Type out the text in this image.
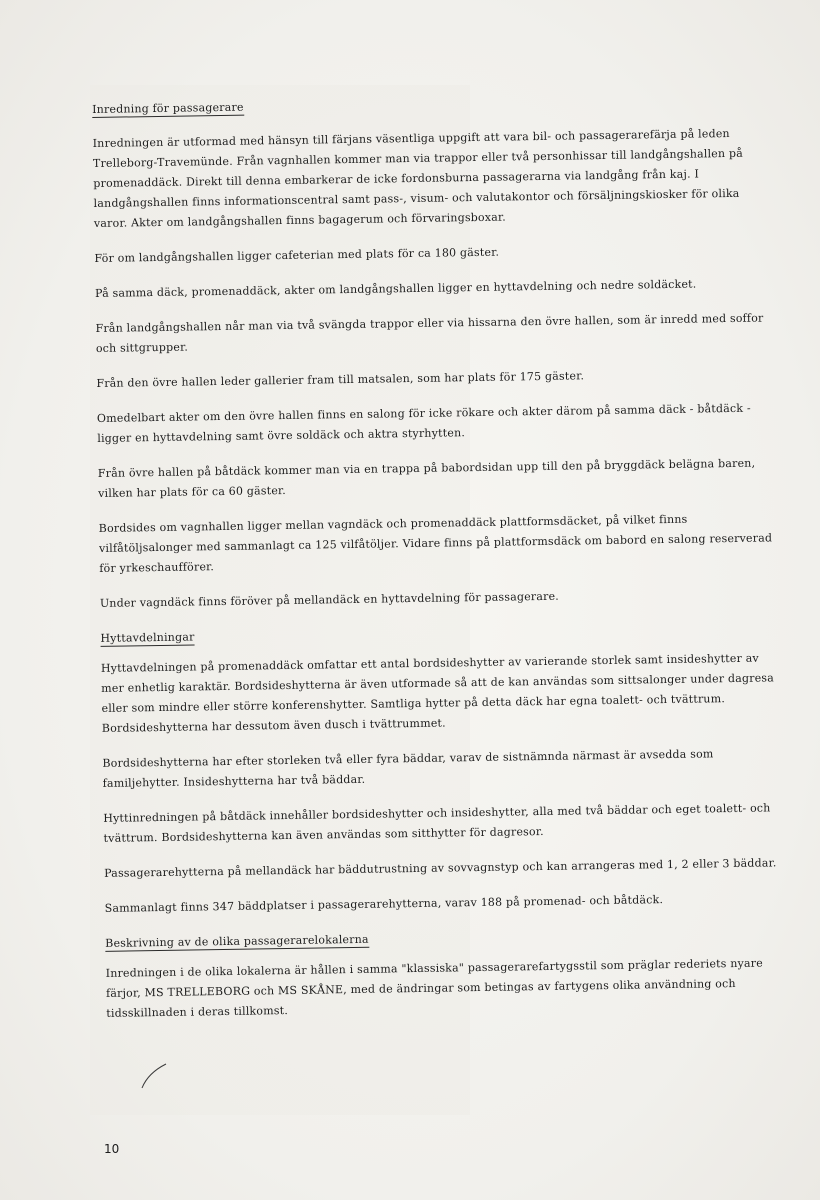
Inredning för passagerare

Inredningen är utformad med hänsyn till färjans väsentliga uppgift att vara bil- och passagerarefärja på leden Trelleborg-Travemünde. Från vagnhallen kommer man via trappor eller två personhissar till landgångshallen på promenaddäck. Direkt till denna embarkerar de icke fordonsburna passagerarna via landgång från kaj. I landgångshallen finns informationscentral samt pass-, visum- och valutakontor och försäljningskiosker för olika varor. Akter om landgångshallen finns bagagerum och förvaringsboxar.

För om landgångshallen ligger cafeterian med plats för ca 180 gäster.

På samma däck, promenaddäck, akter om landgångshallen ligger en hyttavdelning och nedre soldäcket.

Från landgångshallen når man via två svängda trappor eller via hissarna den övre hallen, som är inredd med soffor och sittgrupper.

Från den övre hallen leder gallerier fram till matsalen, som har plats för 175 gäster.

Omedelbart akter om den övre hallen finns en salong för icke rökare och akter därom på samma däck - båtdäck - ligger en hyttavdelning samt övre soldäck och aktra styrhytten.

Från övre hallen på båtdäck kommer man via en trappa på babordsidan upp till den på bryggdäck belägna baren, vilken har plats för ca 60 gäster.

Bordsides om vagnhallen ligger mellan vagndäck och promenaddäck plattformsdäcket, på vilket finns vilfåtöljsalonger med sammanlagt ca 125 vilfåtöljer. Vidare finns på plattformsdäck om babord en salong reserverad för yrkeschaufförer.

Under vagndäck finns föröver på mellandäck en hyttavdelning för passagerare.

Hyttavdelningar

Hyttavdelningen på promenaddäck omfattar ett antal bordsideshytter av varierande storlek samt insideshytter av mer enhetlig karaktär. Bordsideshytterna är även utformade så att de kan användas som sittsalonger under dagresa eller som mindre eller större konferenshytter. Samtliga hytter på detta däck har egna toalett- och tvättrum. Bordsideshytterna har dessutom även dusch i tvättrummet.

Bordsideshytterna har efter storleken två eller fyra bäddar, varav de sistnämnda närmast är avsedda som familjehytter. Insideshytterna har två bäddar.

Hyttinredningen på båtdäck innehåller bordsideshytter och insideshytter, alla med två bäddar och eget toalett- och tvättrum. Bordsideshytterna kan även användas som sitthytter för dagresor.

Passagerarehytterna på mellandäck har bäddutrustning av sovvagnstyp och kan arrangeras med 1, 2 eller 3 bäddar.

Sammanlagt finns 347 bäddplatser i passagerarehytterna, varav 188 på promenad- och båtdäck.

Beskrivning av de olika passagerarelokalerna

Inredningen i de olika lokalerna är hållen i samma "klassiska" passagerarefartygsstil som präglar rederiets nyare färjor, MS TRELLEBORG och MS SKÅNE, med de ändringar som betingas av fartygens olika användning och tidsskillnaden i deras tillkomst.

10
